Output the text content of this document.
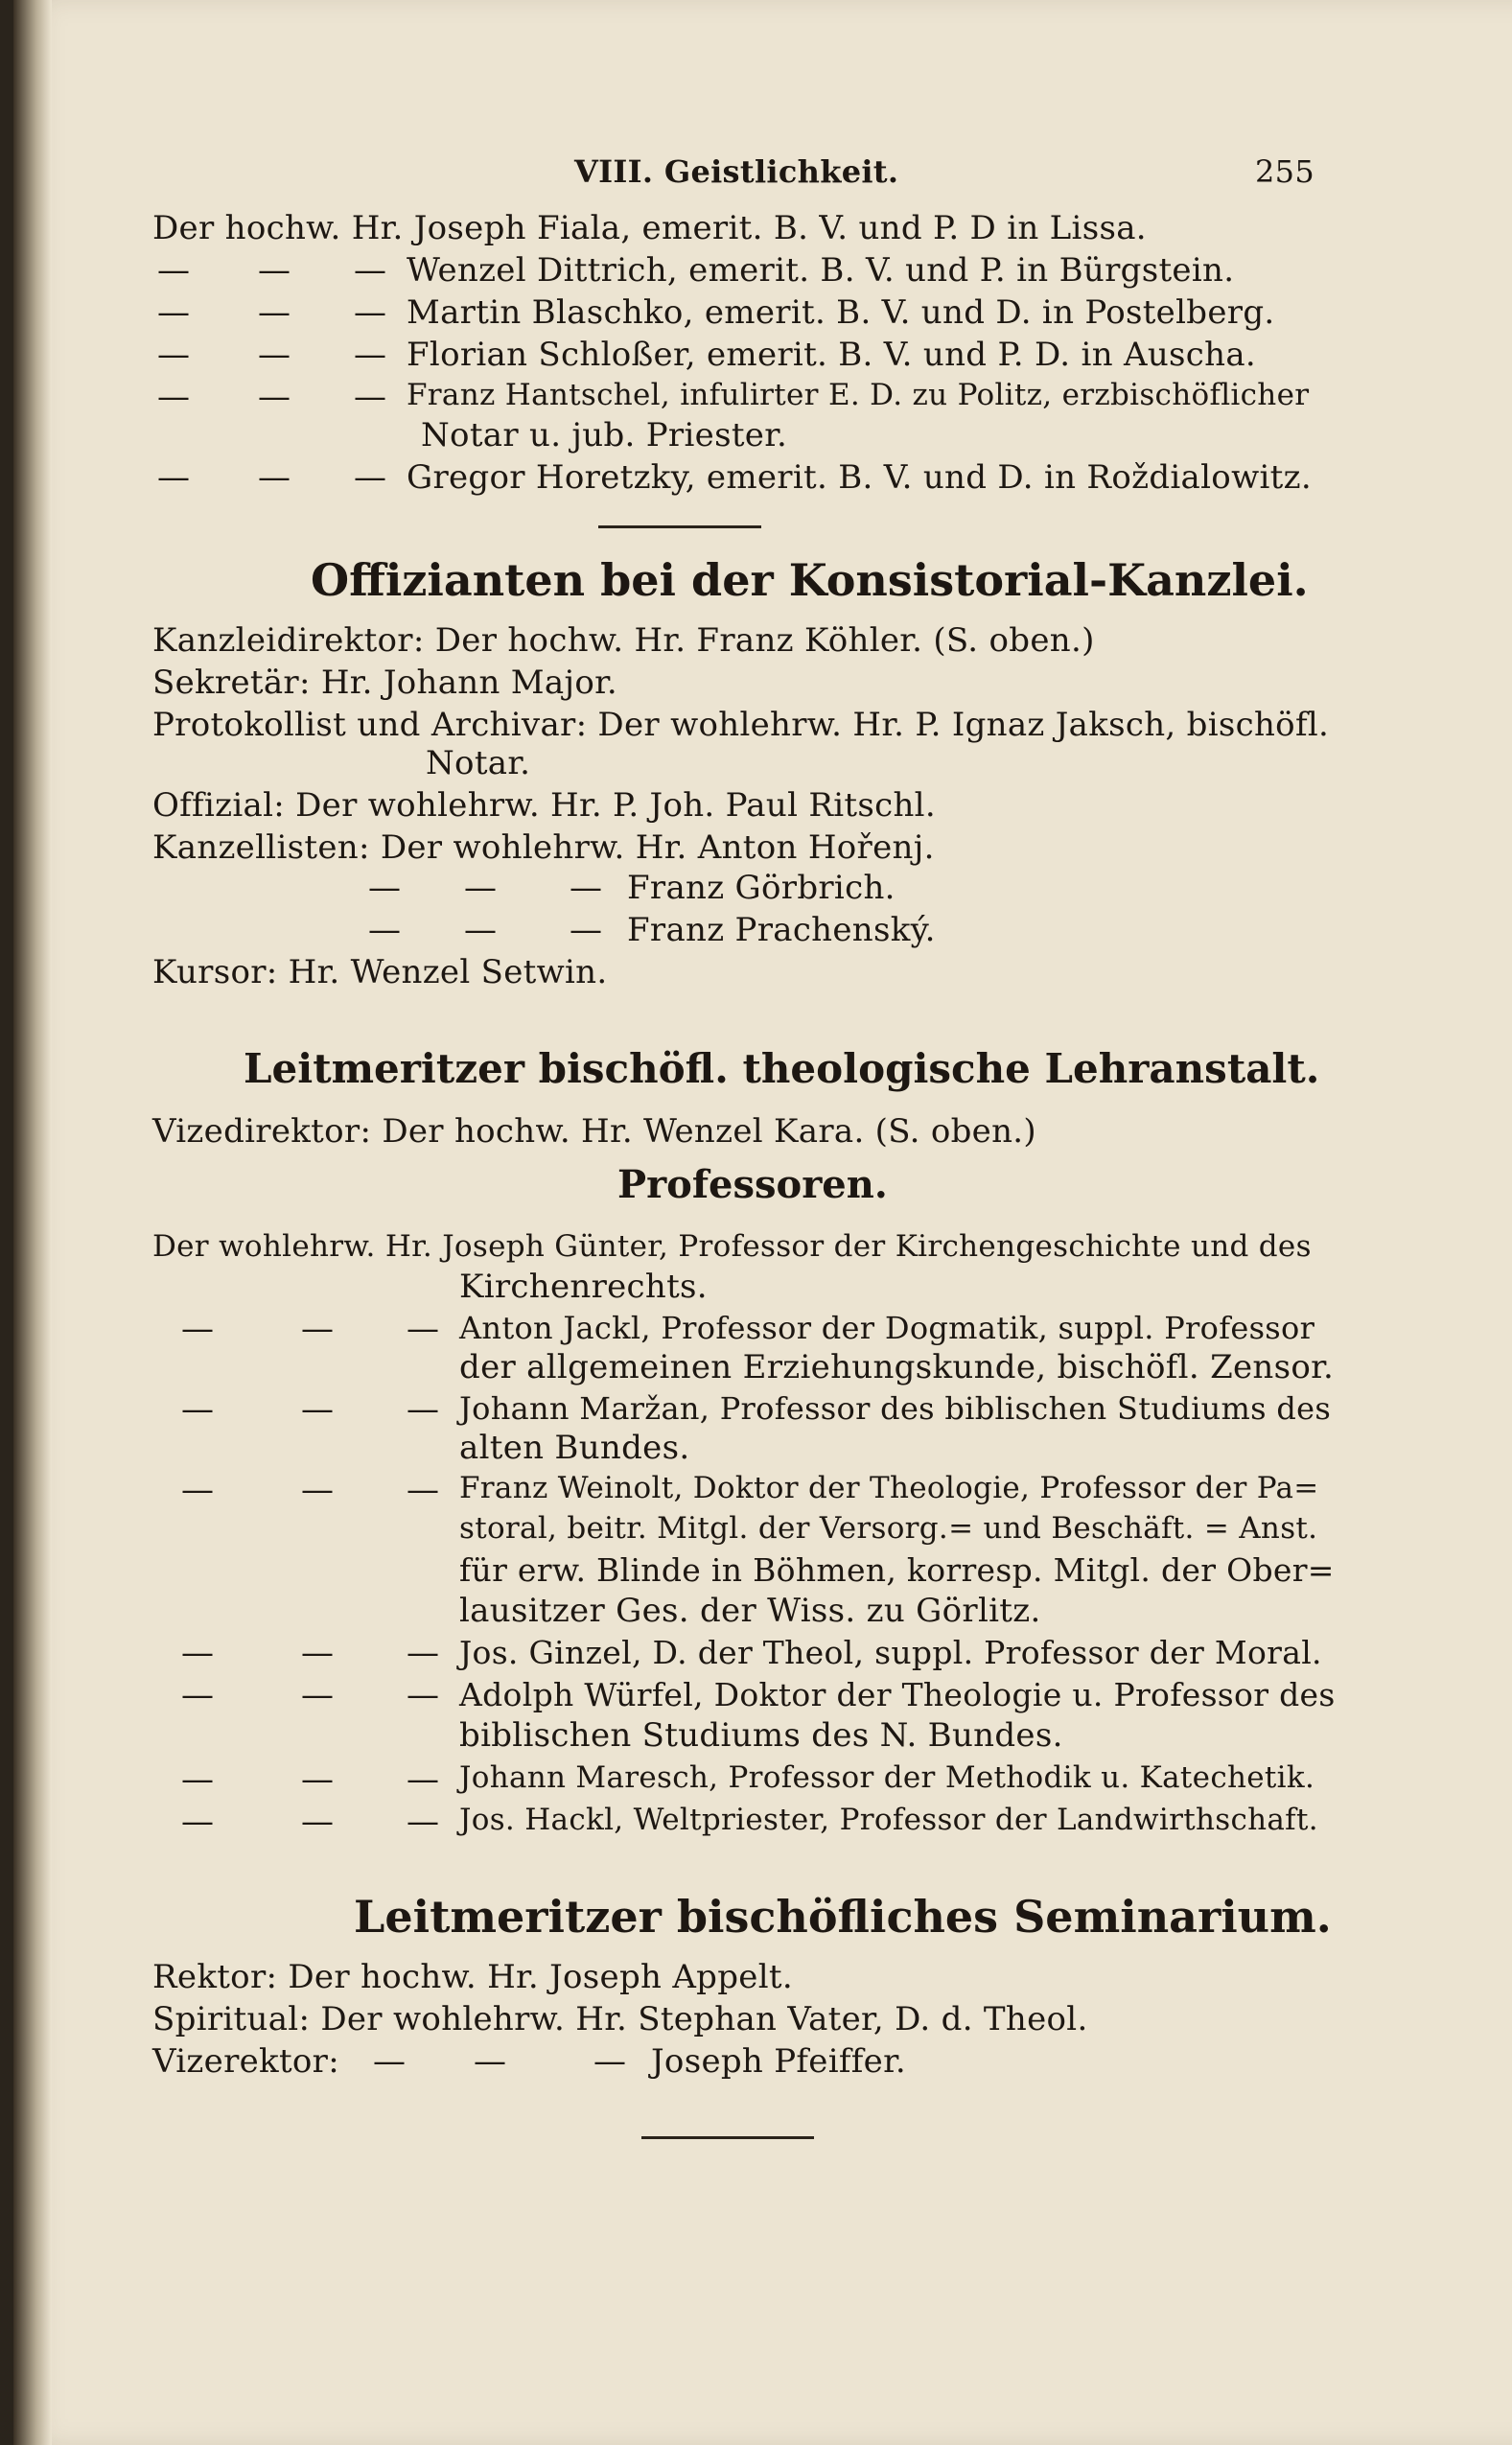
VIII. Geistlichkeit.	255
Der hochw. Hr. Joseph Fiala, emerit. B. V. und P. D in Lissa.
— — — Wenzel Dittrich, emerit. B. V. und P. in Bürgstein.
— — — Martin Blaschko, emerit. B. V. und D. in Postelberg.
— — — Florian Schloßer, emerit. B. V. und P. D. in Auscha.
— — — Franz Hantschel, infulirter E. D. zu Politz, erzbischöflicher
Notar u. jub. Priester.
— — — Gregor Horetzky, emerit. B. V. und D. in Roždialowitz.
Offizianten bei der Konsistorial-Kanzlei.
Kanzleidirektor: Der hochw. Hr. Franz Köhler. (S. oben.)
Sekretär: Hr. Johann Major.
Protokollist und Archivar: Der wohlehrw. Hr. P. Ignaz Jaksch, bischöfl.
Notar.
Offizial: Der wohlehrw. Hr. P. Joh. Paul Ritschl.
Kanzellisten: Der wohlehrw. Hr. Anton Hořenj.
— — — Franz Görbrich.
— — — Franz Prachenský.
Kursor: Hr. Wenzel Setwin.
Leitmeritzer bischöfl. theologische Lehranstalt.
Vizedirektor: Der hochw. Hr. Wenzel Kara. (S. oben.)
Professoren.
Der wohlehrw. Hr. Joseph Günter, Professor der Kirchengeschichte und des
Kirchenrechts.
—	— — Anton Jackl, Professor der Dogmatik, suppl. Professor
der allgemeinen Erziehungskunde, bischöfl. Zensor.
—	— — Johann Maržan, Professor des biblischen Studiums des
alten Bundes.
—	— — Franz Weinolt, Doktor der Theologie, Professor der Pa=
storal, beitr. Mitgl. der Versorg.= und Beschäft. = Anst.
für erw. Blinde in Böhmen, korresp. Mitgl. der Ober=
lausitzer Ges. der Wiss. zu Görlitz.
—	— — Jos. Ginzel, D. der Theol, suppl. Professor der Moral.
—	— — Adolph Würfel, Doktor der Theologie u. Professor des
biblischen Studiums des N. Bundes.
—	— — Johann Maresch, Professor der Methodik u. Katechetik.
—	— — Jos. Hackl, Weltpriester, Professor der Landwirthschaft.
Leitmeritzer bischöfliches Seminarium.
Rektor: Der hochw. Hr. Joseph Appelt.
Spiritual: Der wohlehrw. Hr. Stephan Vater, D. d. Theol.
Vizerektor: — —	— Joseph Pfeiffer.
